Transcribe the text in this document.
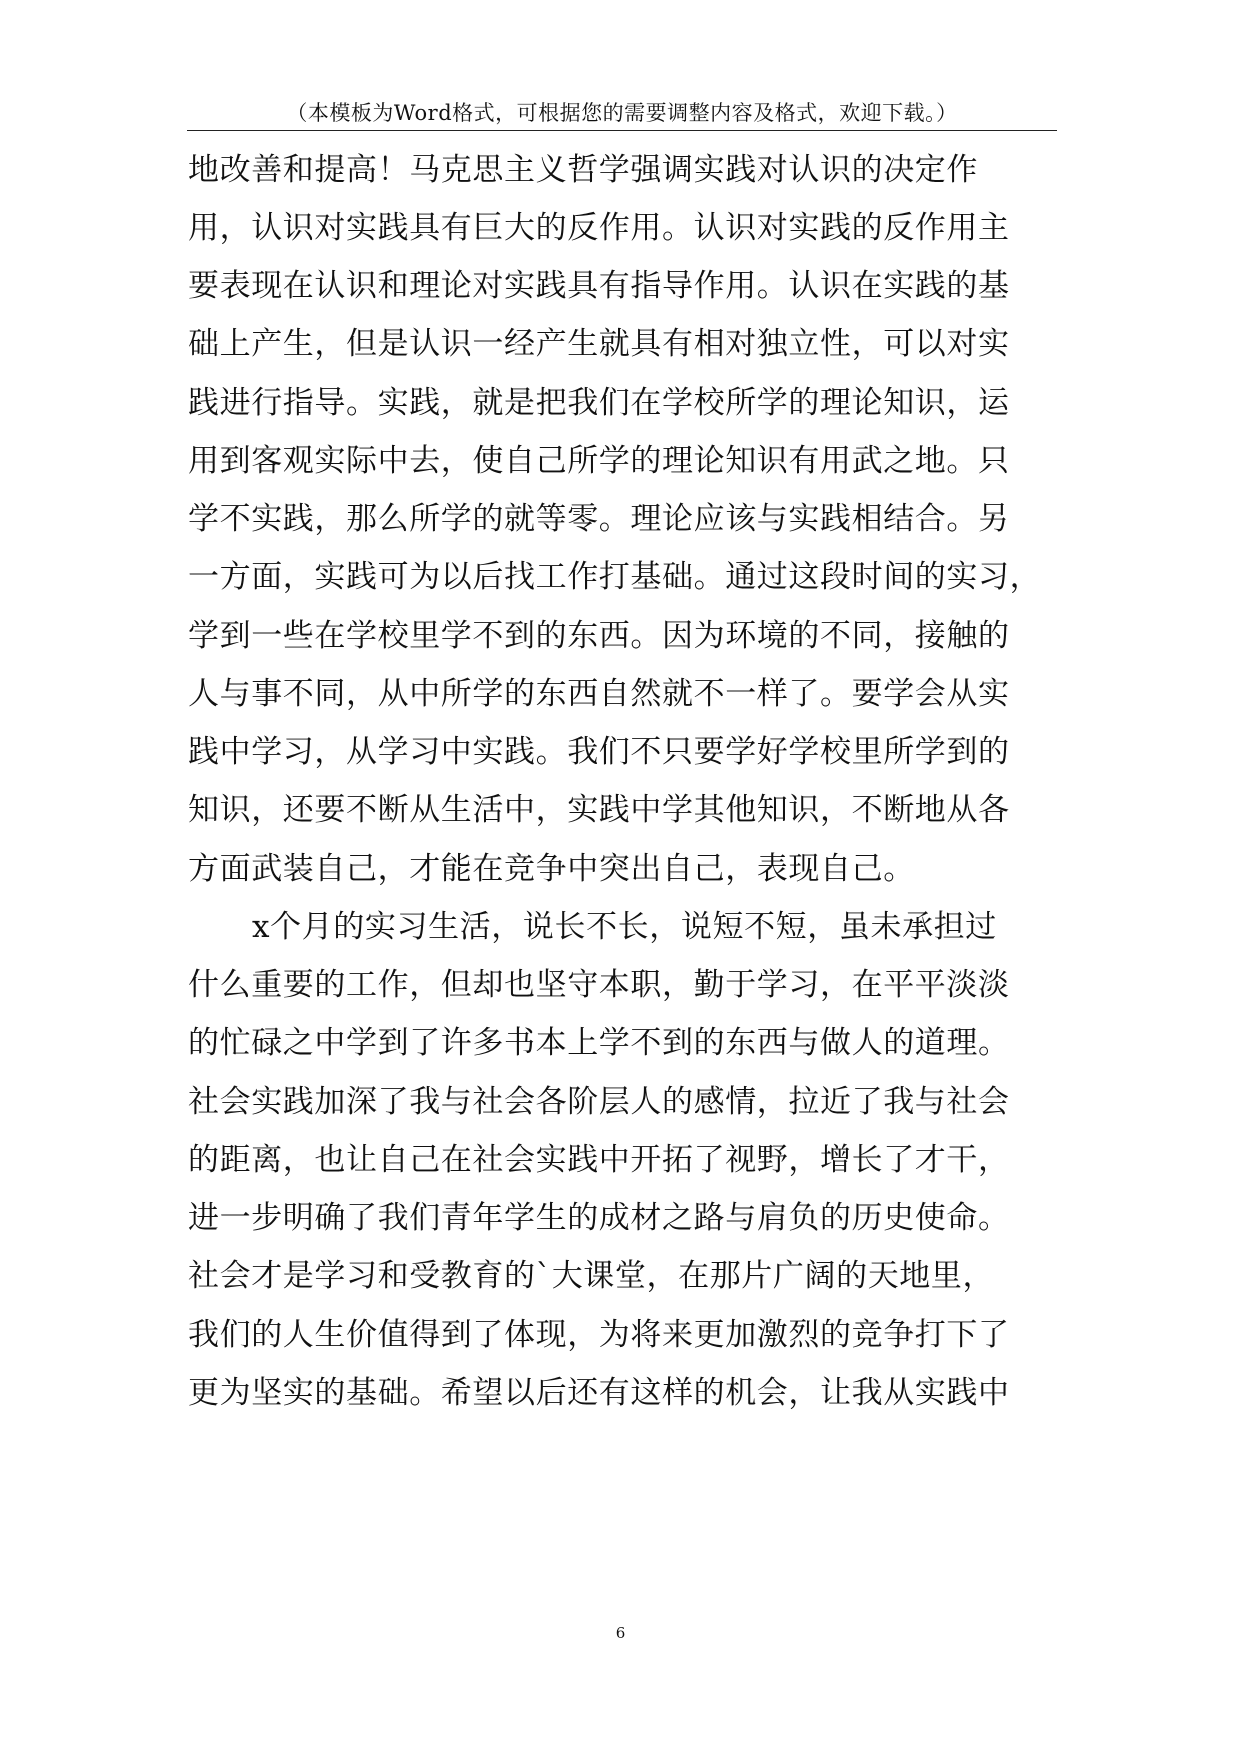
（本模板为Word格式，可根据您的需要调整内容及格式，欢迎下载。）
地改善和提高！马克思主义哲学强调实践对认识的决定作
用，认识对实践具有巨大的反作用。认识对实践的反作用主
要表现在认识和理论对实践具有指导作用。认识在实践的基
础上产生，但是认识一经产生就具有相对独立性，可以对实
践进行指导。实践，就是把我们在学校所学的理论知识，运
用到客观实际中去，使自己所学的理论知识有用武之地。只
学不实践，那么所学的就等零。理论应该与实践相结合。另
一方面，实践可为以后找工作打基础。通过这段时间的实习，
学到一些在学校里学不到的东西。因为环境的不同，接触的
人与事不同，从中所学的东西自然就不一样了。要学会从实
践中学习，从学习中实践。我们不只要学好学校里所学到的
知识，还要不断从生活中，实践中学其他知识，不断地从各
方面武装自己，才能在竞争中突出自己，表现自己。
x个月的实习生活，说长不长，说短不短，虽未承担过
什么重要的工作，但却也坚守本职，勤于学习，在平平淡淡
的忙碌之中学到了许多书本上学不到的东西与做人的道理。
社会实践加深了我与社会各阶层人的感情，拉近了我与社会
的距离，也让自己在社会实践中开拓了视野，增长了才干，
进一步明确了我们青年学生的成材之路与肩负的历史使命。
社会才是学习和受教育的`大课堂，在那片广阔的天地里，
我们的人生价值得到了体现，为将来更加激烈的竞争打下了
更为坚实的基础。希望以后还有这样的机会，让我从实践中
6
